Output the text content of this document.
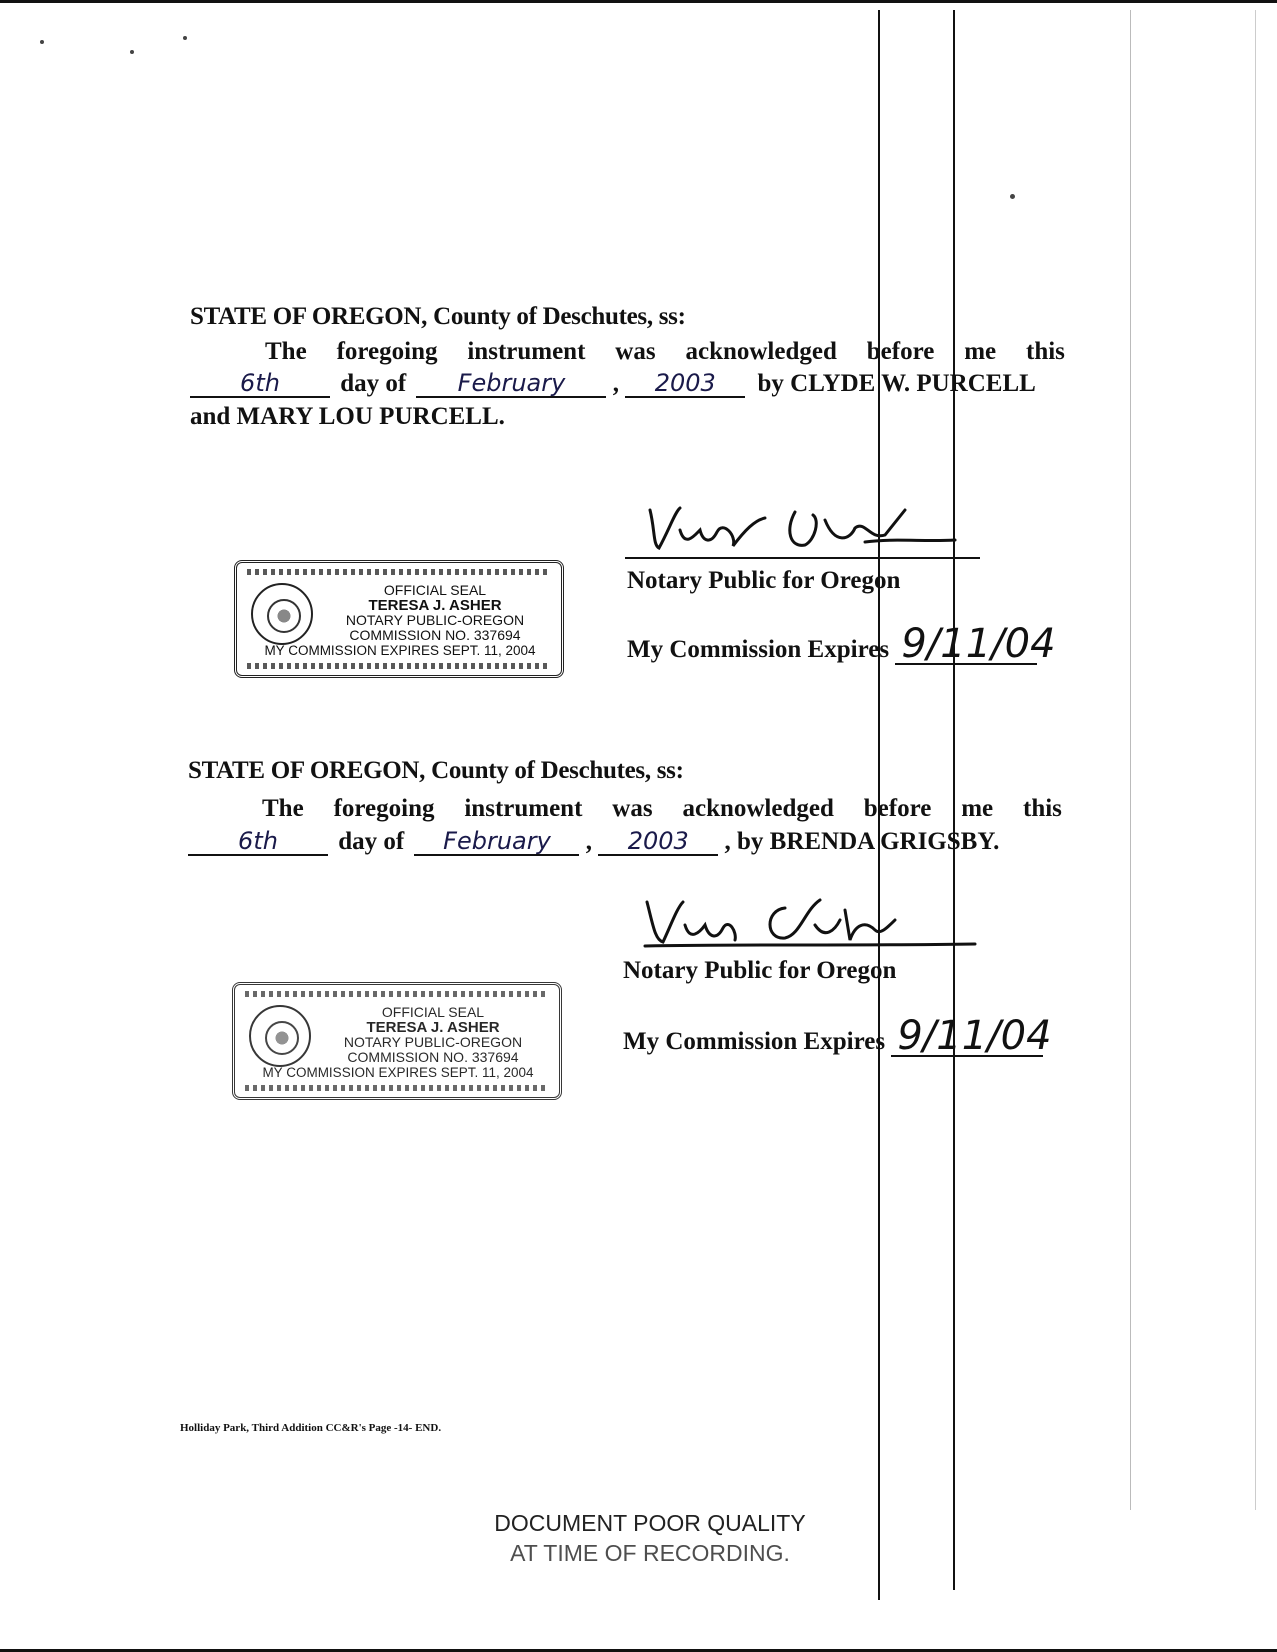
STATE OF OREGON, County of Deschutes, ss:
The foregoing instrument was acknowledged before me this
6th day of February , 2003 by CLYDE W. PURCELL
and MARY LOU PURCELL.
Notary Public for Oregon
My Commission Expires 9/11/04
OFFICIAL SEAL
TERESA J. ASHER
NOTARY PUBLIC-OREGON
COMMISSION NO. 337694
MY COMMISSION EXPIRES SEPT. 11, 2004
STATE OF OREGON, County of Deschutes, ss:
The foregoing instrument was acknowledged before me this
6th day of February , 2003 , by BRENDA GRIGSBY.
Notary Public for Oregon
My Commission Expires 9/11/04
OFFICIAL SEAL
TERESA J. ASHER
NOTARY PUBLIC-OREGON
COMMISSION NO. 337694
MY COMMISSION EXPIRES SEPT. 11, 2004
Holliday Park, Third Addition CC&R's Page -14- END.
DOCUMENT POOR QUALITY
AT TIME OF RECORDING.
